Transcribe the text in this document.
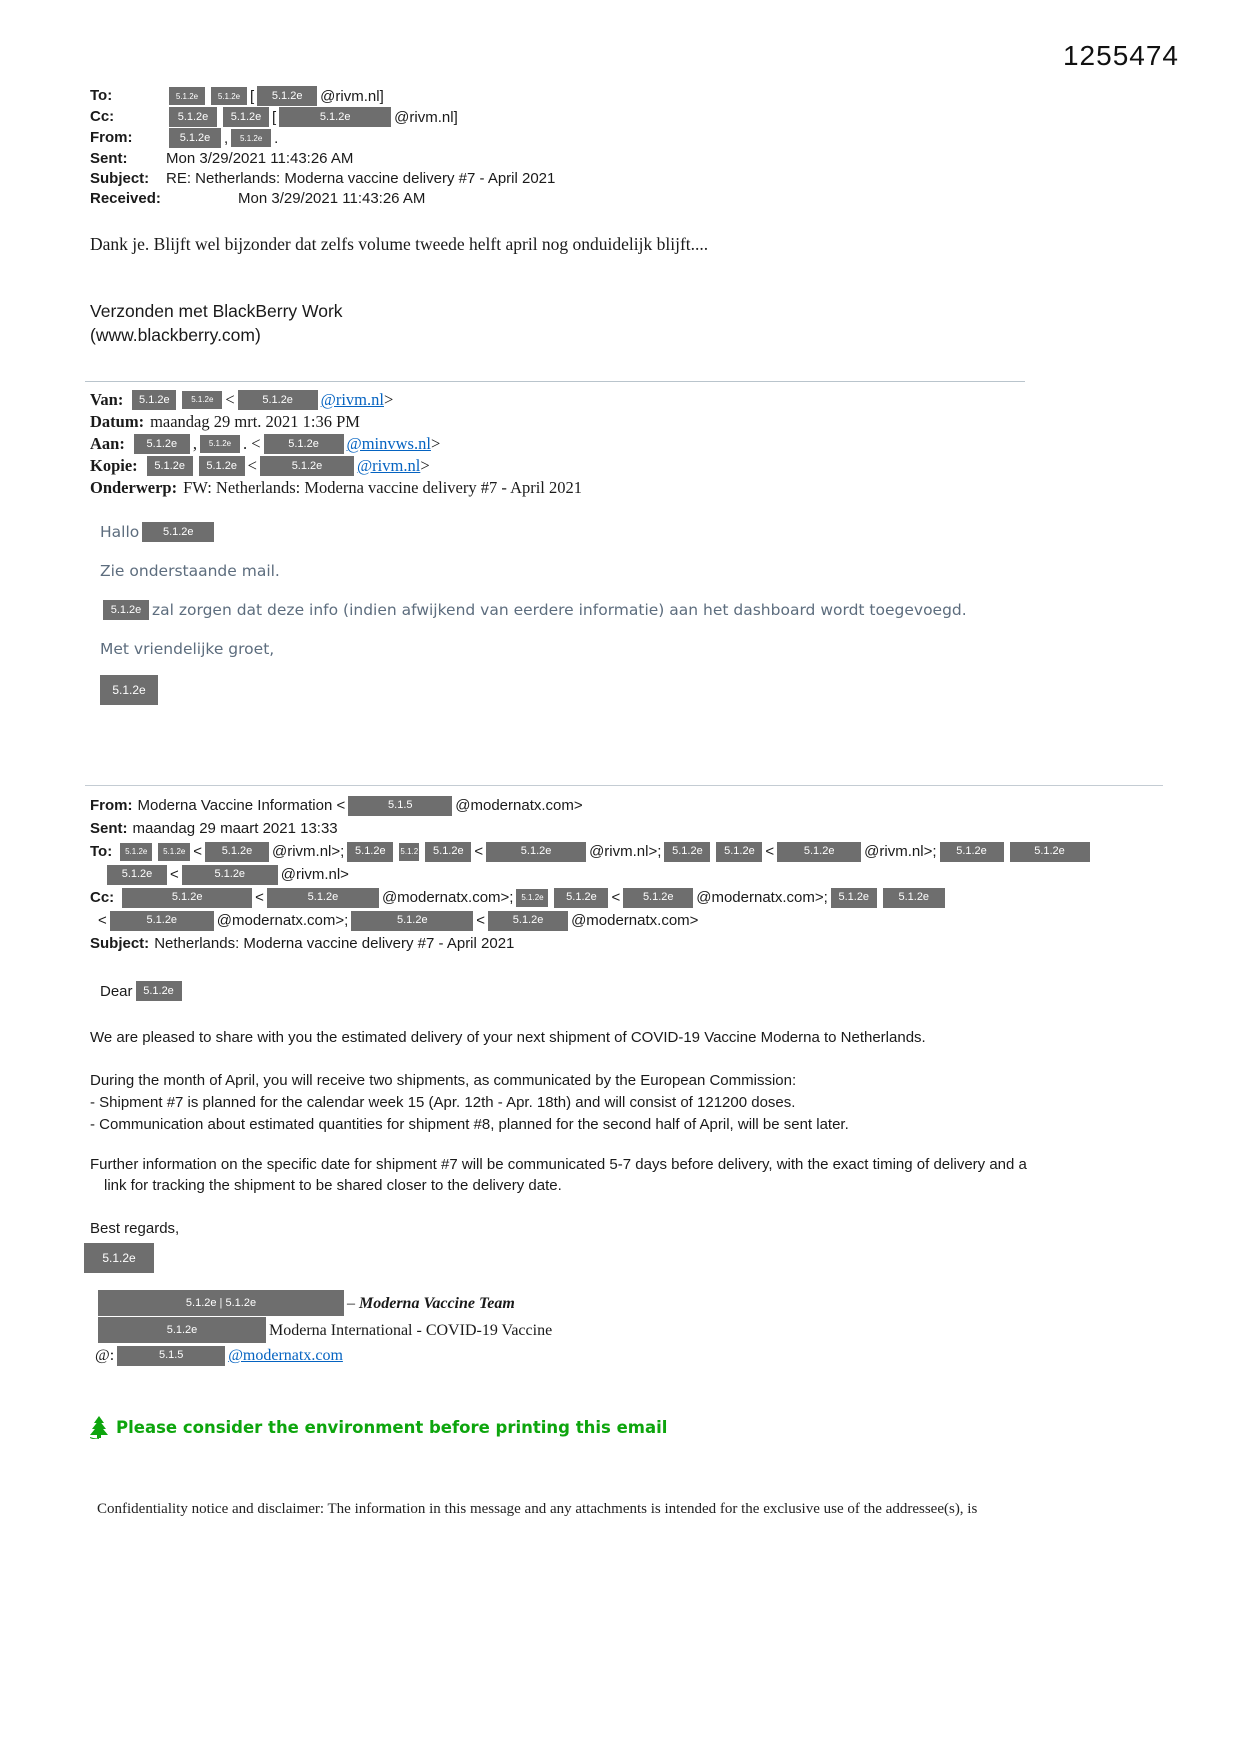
1255474
To:	5.1.2e	5.1.2e [	5.1.2e	@rivm.nl]
Cc:	5.1.2e	5.1.2e [	5.1.2e	@rivm.nl]
From:	5.1.2e ,	5.1.2e .
Sent:	Mon 3/29/2021 11:43:26 AM
Subject:	RE: Netherlands: Moderna vaccine delivery #7 - April 2021
Received:	Mon 3/29/2021 11:43:26 AM

Dank je. Blijft wel bijzonder dat zelfs volume tweede helft april nog onduidelijk blijft....

Verzonden met BlackBerry Work
(www.blackberry.com)
Van:	5.1.2e	5.1.2e <	5.1.2e	@rivm.nl >
Datum: maandag 29 mrt. 2021 1:36 PM
Aan:	5.1.2e ,	5.1.2e . <	5.1.2e	@minvws.nl >
Kopie:	5.1.2e	5.1.2e <	5.1.2e	@rivm.nl >
Onderwerp: FW: Netherlands: Moderna vaccine delivery #7 - April 2021
Hallo	5.1.2e
Zie onderstaande mail.
5.1.2e zal zorgen dat deze info (indien afwijkend van eerdere informatie) aan het dashboard wordt toegevoegd.
Met vriendelijke groet,
5.1.2e
From: Moderna Vaccine Information <	5.1.5	@modernatx.com>
Sent: maandag 29 maart 2021 13:33
To:	5.1.2e	5.1.2e <	5.1.2e	@rivm.nl>; 5.1.2e	5.1.2	5.1.2e <	5.1.2e	@rivm.nl>; 5.1.2e	5.1.2e <	5.1.2e	@rivm.nl>;	5.1.2e	5.1.2e
5.1.2e	<	5.1.2e	@rivm.nl>
Cc:	5.1.2e	<	5.1.2e	@modernatx.com>; 5.1.2e	5.1.2e <	5.1.2e	@modernatx.com>; 5.1.2e	5.1.2e
<	5.1.2e	@modernatx.com>;	5.1.2e	<	5.1.2e	@modernatx.com>
Subject: Netherlands: Moderna vaccine delivery #7 - April 2021
Dear 5.1.2e

We are pleased to share with you the estimated delivery of your next shipment of COVID-19 Vaccine Moderna to Netherlands.

During the month of April, you will receive two shipments, as communicated by the European Commission:
- Shipment #7 is planned for the calendar week 15 (Apr. 12th - Apr. 18th) and will consist of 121200 doses.
- Communication about estimated quantities for shipment #8, planned for the second half of April, will be sent later.
Further information on the specific date for shipment #7 will be communicated 5-7 days before delivery, with the exact timing of delivery and a
link for tracking the shipment to be shared closer to the delivery date.
Best regards,
5.1.2e
5.1.2e | 5.1.2e	– Moderna Vaccine Team
5.1.2e	Moderna International - COVID-19 Vaccine
@:	5.1.5	@modernatx.com
Please consider the environment before printing this email

Confidentiality notice and disclaimer: The information in this message and any attachments is intended for the exclusive use of the addressee(s), is
